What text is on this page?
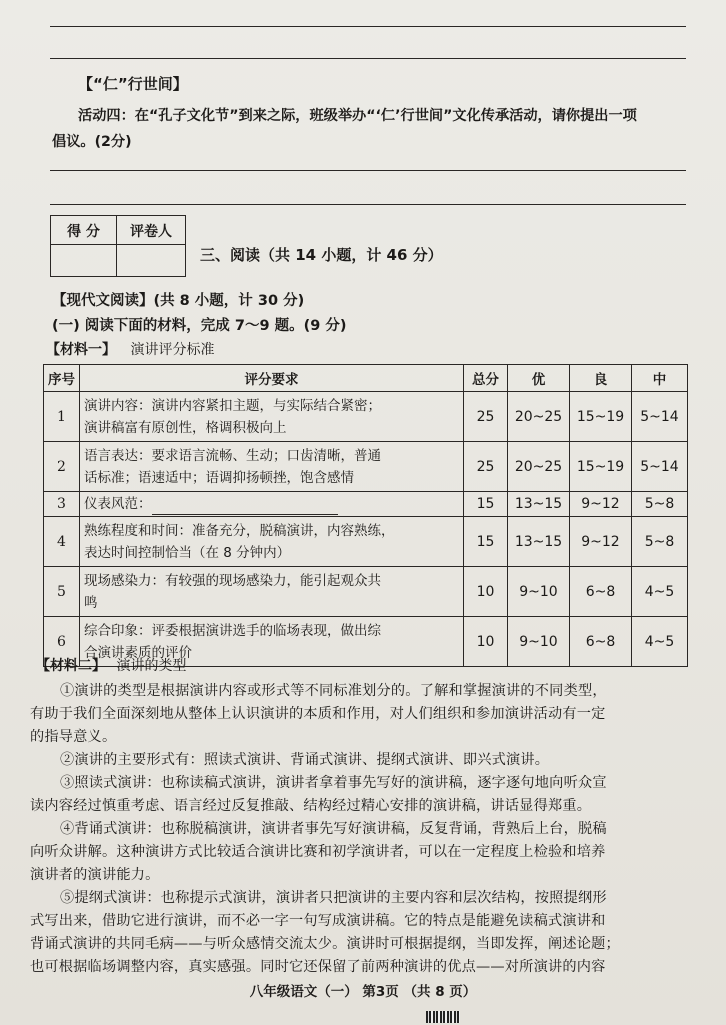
【“仁”行世间】
活动四：在“孔子文化节”到来之际，班级举办“‘仁’行世间”文化传承活动，请你提出一项
倡议。(2分)
得 分	评卷人
三、阅读（共 14 小题，计 46 分）
【现代文阅读】(共 8 小题，计 30 分)
(一) 阅读下面的材料，完成 7～9 题。(9 分)
【材料一】 演讲评分标准
序号	评分要求	总分	优	良	中
1	演讲内容：演讲内容紧扣主题，与实际结合紧密；
演讲稿富有原创性，格调积极向上	25	20~25	15~19	5~14
2	语言表达：要求语言流畅、生动；口齿清晰，普通
话标准；语速适中；语调抑扬顿挫，饱含感情	25	20~25	15~19	5~14
3	仪表风范：	15	13~15	9~12	5~8
4	熟练程度和时间：准备充分，脱稿演讲，内容熟练，
表达时间控制恰当（在 8 分钟内）	15	13~15	9~12	5~8
5	现场感染力：有较强的现场感染力，能引起观众共
鸣	10	9~10	6~8	4~5
6	综合印象：评委根据演讲选手的临场表现，做出综
合演讲素质的评价	10	9~10	6~8	4~5
【材料二】 演讲的类型
①演讲的类型是根据演讲内容或形式等不同标准划分的。了解和掌握演讲的不同类型，
有助于我们全面深刻地从整体上认识演讲的本质和作用，对人们组织和参加演讲活动有一定
的指导意义。
②演讲的主要形式有：照读式演讲、背诵式演讲、提纲式演讲、即兴式演讲。
③照读式演讲：也称读稿式演讲，演讲者拿着事先写好的演讲稿，逐字逐句地向听众宣
读内容经过慎重考虑、语言经过反复推敲、结构经过精心安排的演讲稿，讲话显得郑重。
④背诵式演讲：也称脱稿演讲，演讲者事先写好演讲稿，反复背诵，背熟后上台，脱稿
向听众讲解。这种演讲方式比较适合演讲比赛和初学演讲者，可以在一定程度上检验和培养
演讲者的演讲能力。
⑤提纲式演讲：也称提示式演讲，演讲者只把演讲的主要内容和层次结构，按照提纲形
式写出来，借助它进行演讲，而不必一字一句写成演讲稿。它的特点是能避免读稿式演讲和
背诵式演讲的共同毛病——与听众感情交流太少。演讲时可根据提纲，当即发挥，阐述论题；
也可根据临场调整内容，真实感强。同时它还保留了前两种演讲的优点——对所演讲的内容
八年级语文（一） 第3页 （共 8 页）
